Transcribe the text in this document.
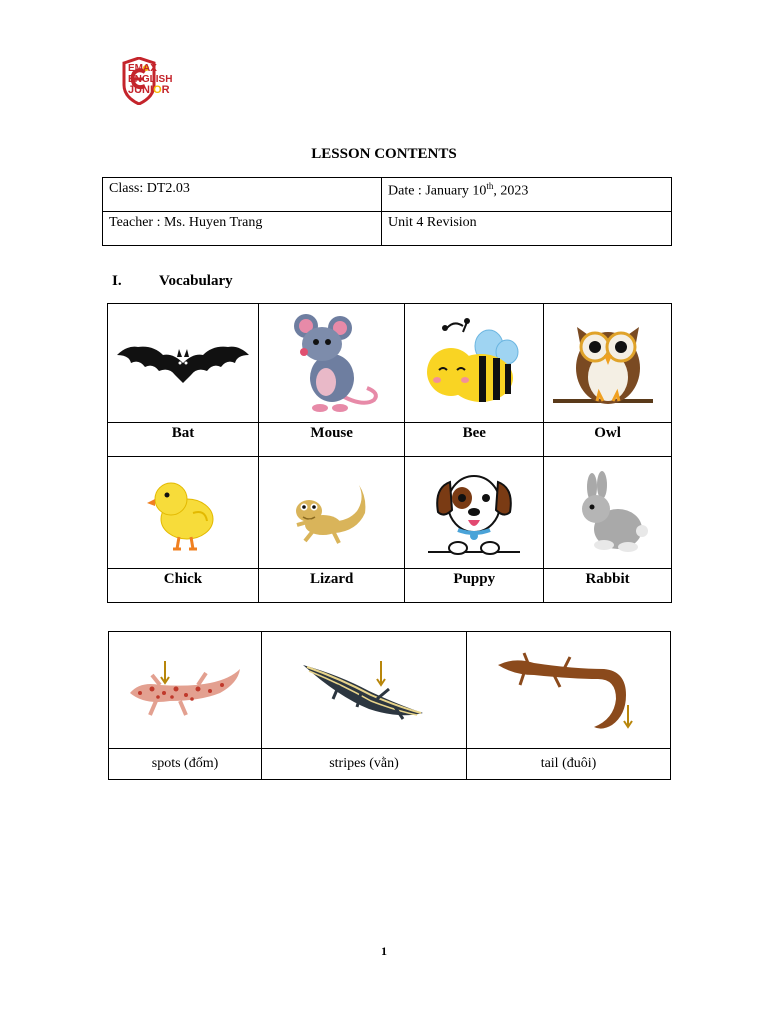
EMAX
ENGLISH
JUNIOR
LESSON CONTENTS
Class: DT2.03	Date : January 10th, 2023
Teacher : Ms. Huyen Trang	Unit 4 Revision
I. Vocabulary

Bat	Mouse	Bee	Owl

Chick	Lizard	Puppy	Rabbit

spots (đốm)	stripes (vằn)	tail (đuôi)
1
